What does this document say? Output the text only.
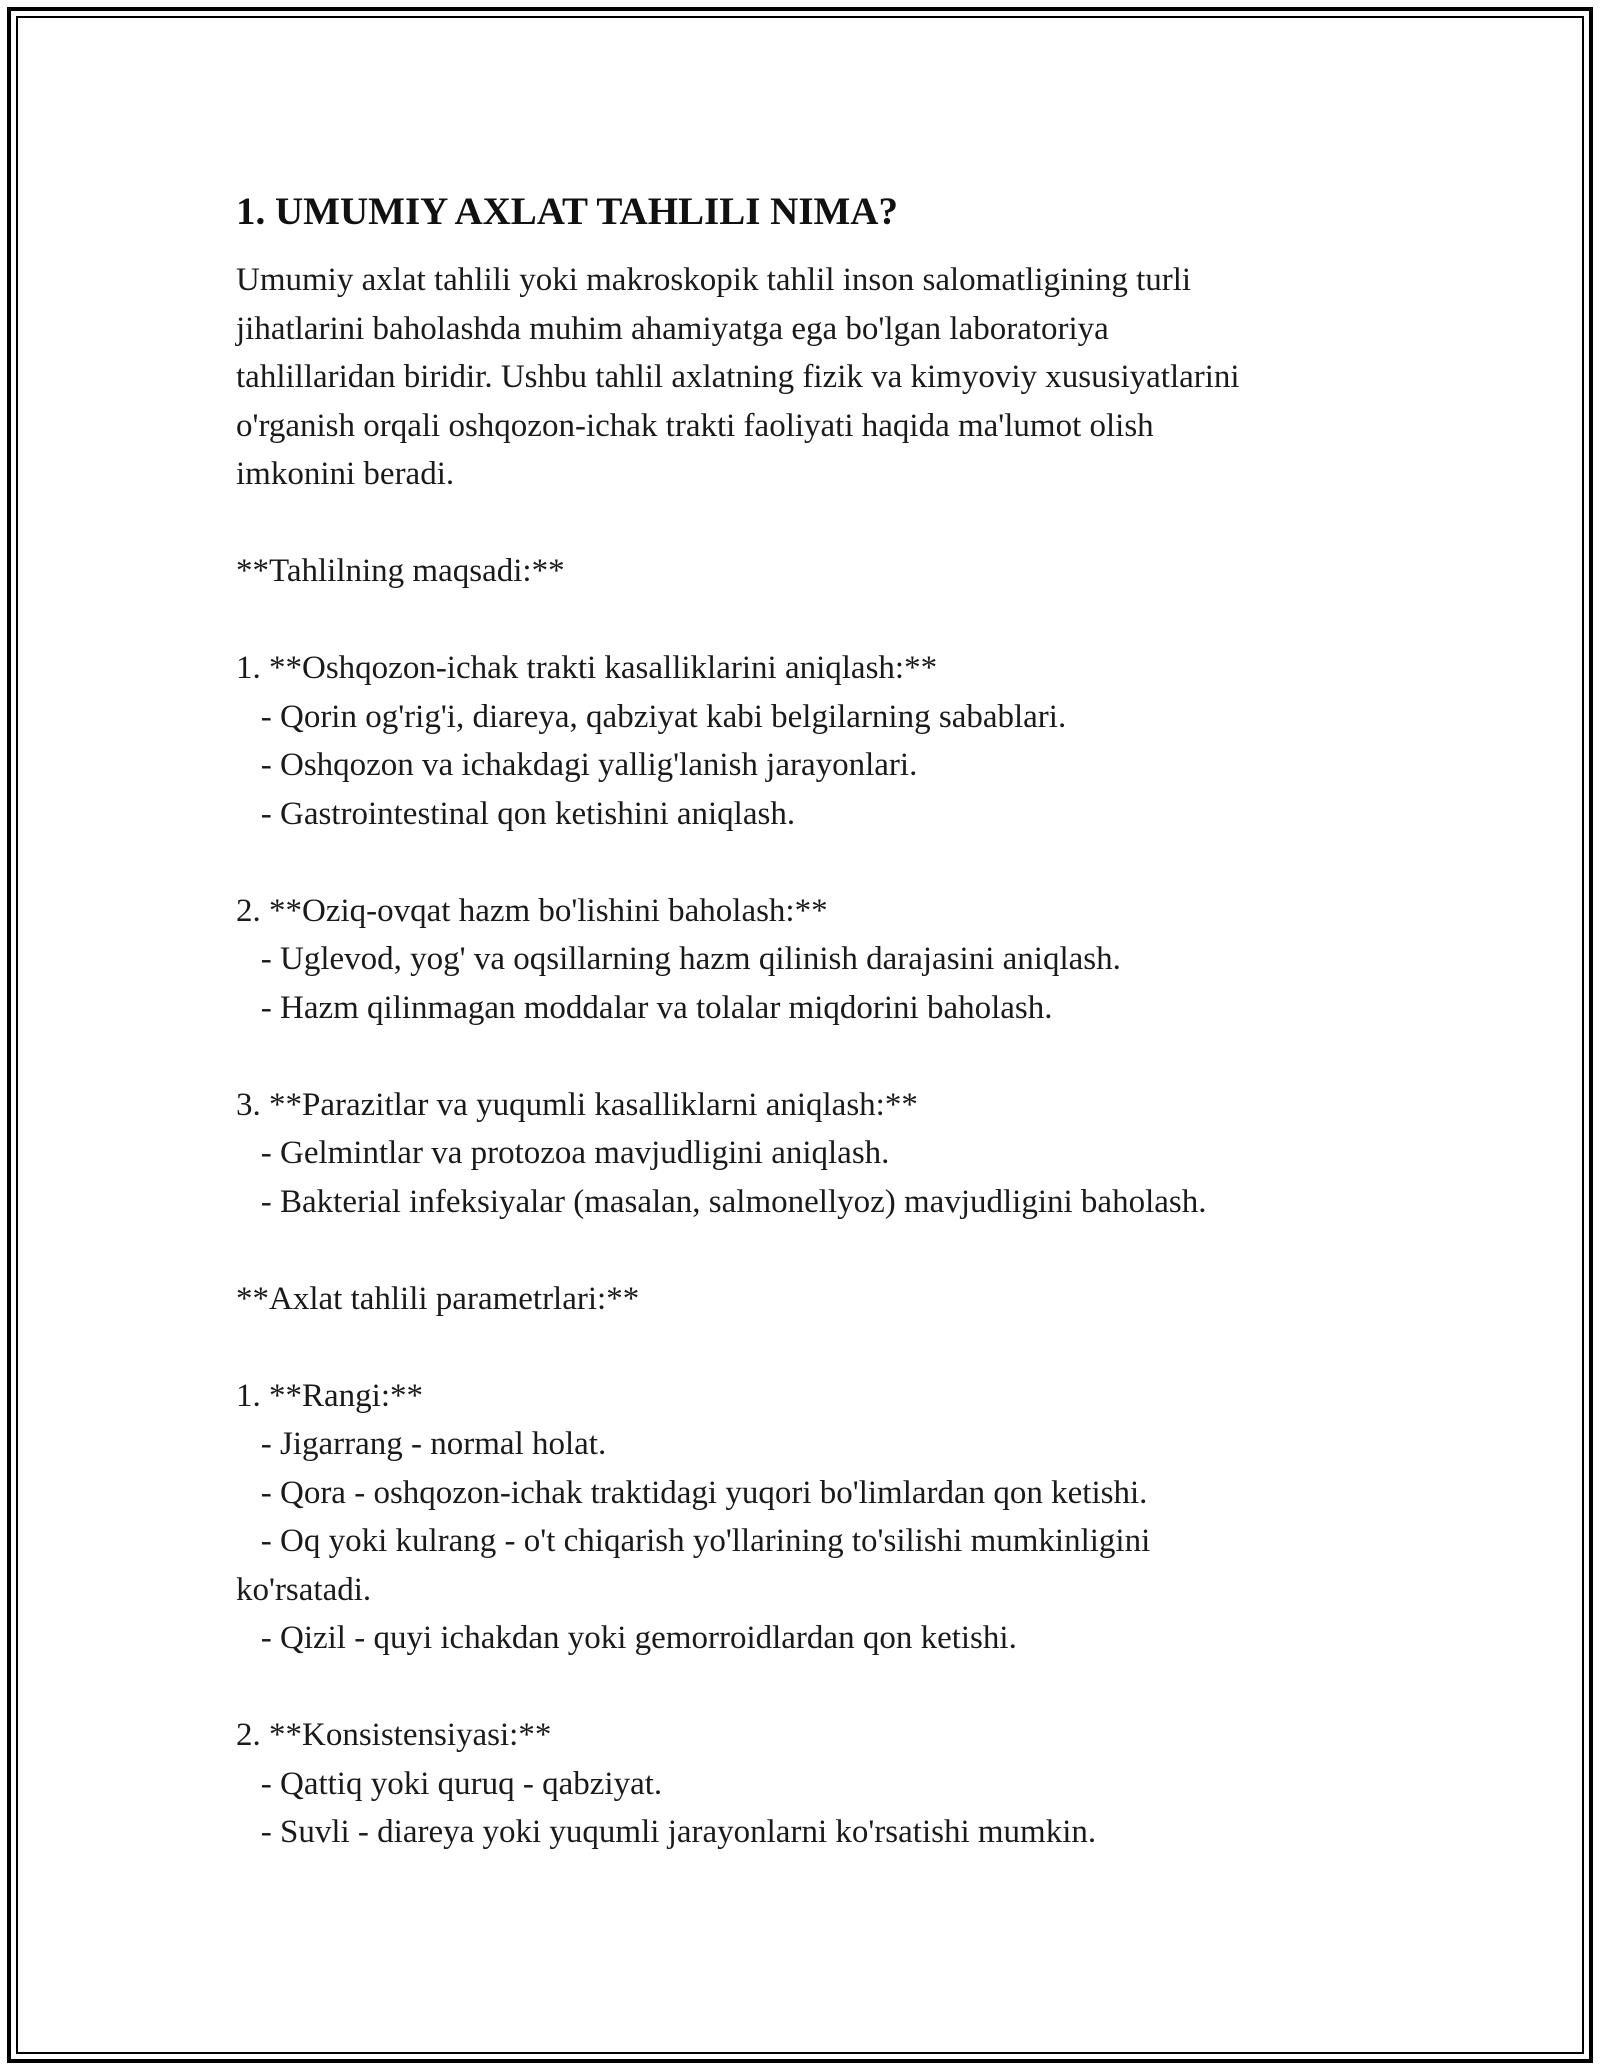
1. UMUMIY AXLAT TAHLILI NIMA?
Umumiy axlat tahlili yoki makroskopik tahlil inson salomatligining turli
jihatlarini baholashda muhim ahamiyatga ega bo'lgan laboratoriya
tahlillaridan biridir. Ushbu tahlil axlatning fizik va kimyoviy xususiyatlarini
o'rganish orqali oshqozon-ichak trakti faoliyati haqida ma'lumot olish
imkonini beradi.
**Tahlilning maqsadi:**
1. **Oshqozon-ichak trakti kasalliklarini aniqlash:**
- Qorin og'rig'i, diareya, qabziyat kabi belgilarning sabablari.
- Oshqozon va ichakdagi yallig'lanish jarayonlari.
- Gastrointestinal qon ketishini aniqlash.
2. **Oziq-ovqat hazm bo'lishini baholash:**
- Uglevod, yog' va oqsillarning hazm qilinish darajasini aniqlash.
- Hazm qilinmagan moddalar va tolalar miqdorini baholash.
3. **Parazitlar va yuqumli kasalliklarni aniqlash:**
- Gelmintlar va protozoa mavjudligini aniqlash.
- Bakterial infeksiyalar (masalan, salmonellyoz) mavjudligini baholash.
**Axlat tahlili parametrlari:**
1. **Rangi:**
- Jigarrang - normal holat.
- Qora - oshqozon-ichak traktidagi yuqori bo'limlardan qon ketishi.
- Oq yoki kulrang - o't chiqarish yo'llarining to'silishi mumkinligini
ko'rsatadi.
- Qizil - quyi ichakdan yoki gemorroidlardan qon ketishi.
2. **Konsistensiyasi:**
- Qattiq yoki quruq - qabziyat.
- Suvli - diareya yoki yuqumli jarayonlarni ko'rsatishi mumkin.
